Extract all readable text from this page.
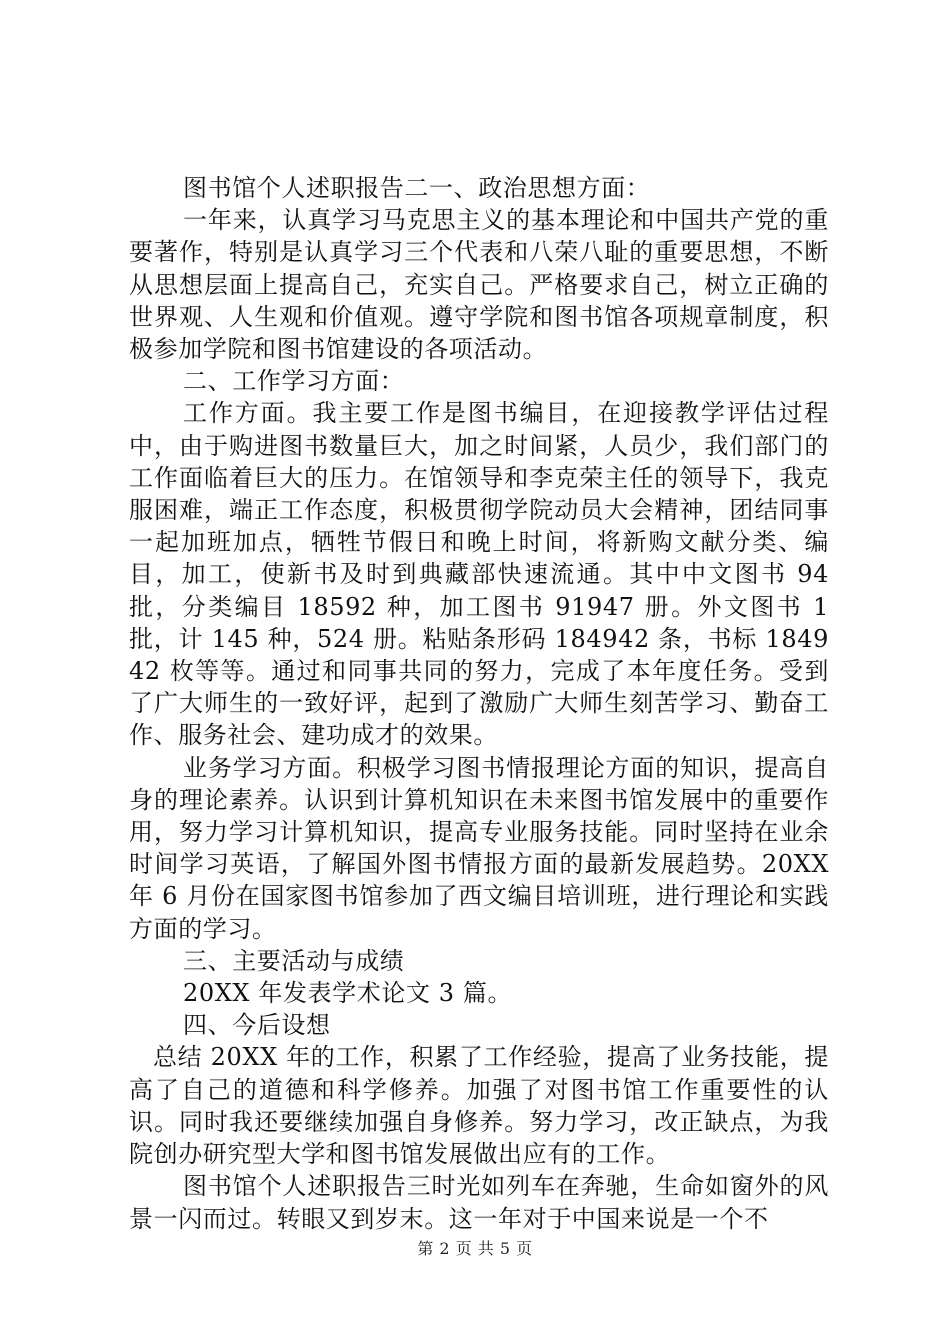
图书馆个人述职报告二一、政治思想方面：

一年来，认真学习马克思主义的基本理论和中国共产党的重要著作，特别是认真学习三个代表和八荣八耻的重要思想，不断从思想层面上提高自己，充实自己。严格要求自己，树立正确的世界观、人生观和价值观。遵守学院和图书馆各项规章制度，积极参加学院和图书馆建设的各项活动。

二、工作学习方面：

工作方面。我主要工作是图书编目，在迎接教学评估过程中，由于购进图书数量巨大，加之时间紧，人员少，我们部门的工作面临着巨大的压力。在馆领导和李克荣主任的领导下，我克服困难，端正工作态度，积极贯彻学院动员大会精神，团结同事一起加班加点，牺牲节假日和晚上时间，将新购文献分类、编目，加工，使新书及时到典藏部快速流通。其中中文图书 94 批，分类编目 18592 种，加工图书 91947 册。外文图书 1 批，计 145 种，524 册。粘贴条形码 184942 条，书标 184942 枚等等。通过和同事共同的努力，完成了本年度任务。受到了广大师生的一致好评，起到了激励广大师生刻苦学习、勤奋工作、服务社会、建功成才的效果。

业务学习方面。积极学习图书情报理论方面的知识，提高自身的理论素养。认识到计算机知识在未来图书馆发展中的重要作用，努力学习计算机知识，提高专业服务技能。同时坚持在业余时间学习英语，了解国外图书情报方面的最新发展趋势。20XX 年 6 月份在国家图书馆参加了西文编目培训班，进行理论和实践方面的学习。

三、主要活动与成绩

20XX 年发表学术论文 3 篇。

四、今后设想

总结 20XX 年的工作，积累了工作经验，提高了业务技能，提高了自己的道德和科学修养。加强了对图书馆工作重要性的认识。同时我还要继续加强自身修养。努力学习，改正缺点，为我院创办研究型大学和图书馆发展做出应有的工作。

图书馆个人述职报告三时光如列车在奔驰，生命如窗外的风景一闪而过。转眼又到岁末。这一年对于中国来说是一个不

第 2 页 共 5 页
